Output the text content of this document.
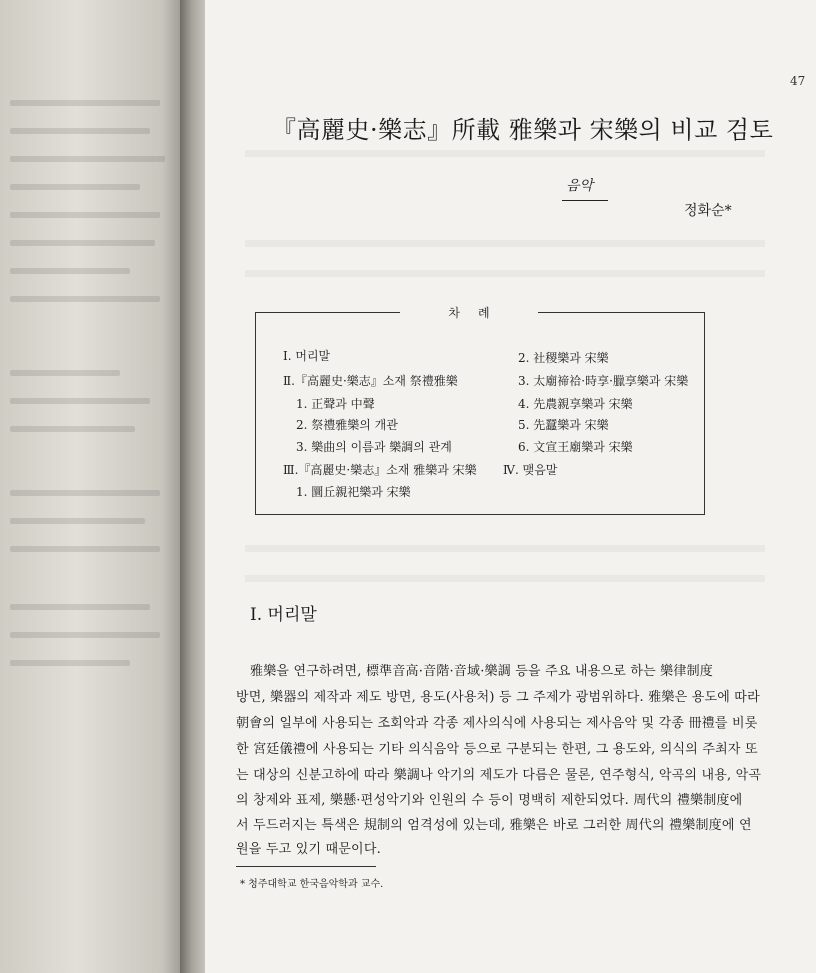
47
『高麗史·樂志』所載 雅樂과 宋樂의 비교 검토
음악
정화순*
차례
Ⅰ. 머리말
Ⅱ.『高麗史·樂志』소재 祭禮雅樂
1. 正聲과 中聲
2. 祭禮雅樂의 개관
3. 樂曲의 이름과 樂調의 관계
Ⅲ.『高麗史·樂志』소재 雅樂과 宋樂
1. 圜丘親祀樂과 宋樂
2. 社稷樂과 宋樂
3. 太廟禘祫·時享·臘享樂과 宋樂
4. 先農親享樂과 宋樂
5. 先蠶樂과 宋樂
6. 文宣王廟樂과 宋樂
Ⅳ. 맺음말
Ⅰ. 머리말
雅樂을 연구하려면, 標準音高·音階·音域·樂調 등을 주요 내용으로 하는 樂律制度
방면, 樂器의 제작과 제도 방면, 용도(사용처) 등 그 주제가 광범위하다. 雅樂은 용도에 따라
朝會의 일부에 사용되는 조회악과 각종 제사의식에 사용되는 제사음악 및 각종 冊禮를 비롯
한 宮廷儀禮에 사용되는 기타 의식음악 등으로 구분되는 한편, 그 용도와, 의식의 주최자 또
는 대상의 신분고하에 따라 樂調나 악기의 제도가 다름은 물론, 연주형식, 악곡의 내용, 악곡
의 창제와 표제, 樂懸·편성악기와 인원의 수 등이 명백히 제한되었다. 周代의 禮樂制度에
서 두드러지는 특색은 規制의 엄격성에 있는데, 雅樂은 바로 그러한 周代의 禮樂制度에 연
원을 두고 있기 때문이다.
* 청주대학교 한국음악학과 교수.
